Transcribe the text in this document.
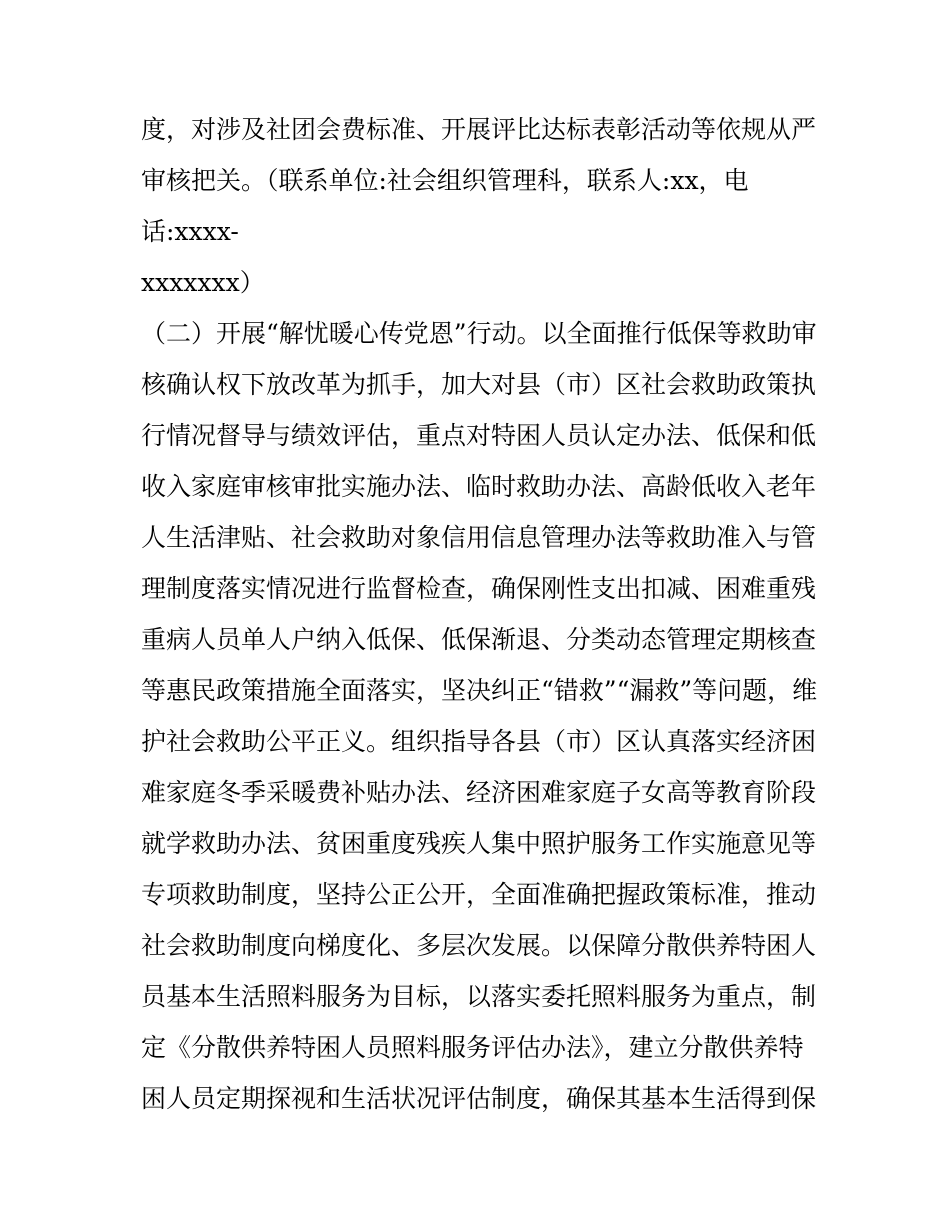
度，对涉及社团会费标准、开展评比达标表彰活动等依规从严
审核把关。（联系单位:社会组织管理科，联系人:xx，电
话:xxxx-
xxxxxxx）
（二）开展“解忧暖心传党恩”行动。以全面推行低保等救助审
核确认权下放改革为抓手，加大对县（市）区社会救助政策执
行情况督导与绩效评估，重点对特困人员认定办法、低保和低
收入家庭审核审批实施办法、临时救助办法、高龄低收入老年
人生活津贴、社会救助对象信用信息管理办法等救助准入与管
理制度落实情况进行监督检查，确保刚性支出扣减、困难重残
重病人员单人户纳入低保、低保渐退、分类动态管理定期核查
等惠民政策措施全面落实，坚决纠正“错救”“漏救”等问题，维
护社会救助公平正义。组织指导各县（市）区认真落实经济困
难家庭冬季采暖费补贴办法、经济困难家庭子女高等教育阶段
就学救助办法、贫困重度残疾人集中照护服务工作实施意见等
专项救助制度，坚持公正公开，全面准确把握政策标准，推动
社会救助制度向梯度化、多层次发展。以保障分散供养特困人
员基本生活照料服务为目标，以落实委托照料服务为重点，制
定《分散供养特困人员照料服务评估办法》，建立分散供养特
困人员定期探视和生活状况评估制度，确保其基本生活得到保
